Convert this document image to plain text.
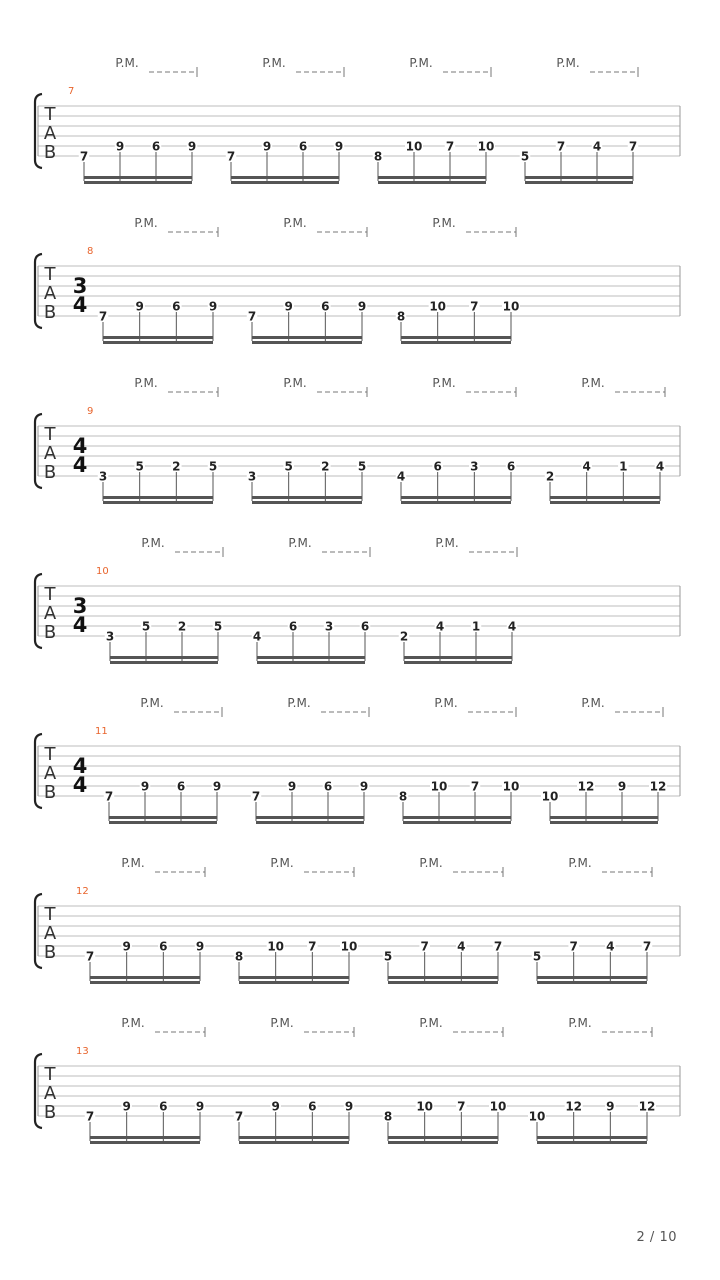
7
T
A
B
P.M.
7
9 6 9
P.M.
7
9 6 9
P.M.
8
10 7 10
P.M.
5
7 4 7
8
T
A
B
3
4
P.M.
7
9 6 9
P.M.
7
9 6 9
P.M.
8
10 7 10
9
T
A
B
4
4
P.M.
3
5 2 5
P.M.
3
5 2 5
P.M.
4
6 3 6
P.M.
2
4 1 4
10
T
A
B
3
4
P.M.
3
5 2 5
P.M.
4
6 3 6
P.M.
2
4 1 4
11
T
A
B
4
4
P.M.
7
9 6 9
P.M.
7
9 6 9
P.M.
8
10 7 10
P.M.
10
12 9 12
12
T
A
B
P.M.
7
9 6 9
P.M.
8
10 7 10
P.M.
5
7 4 7
P.M.
5
7 4 7
13
T
A
B
P.M.
7
9 6 9
P.M.
7
9 6 9
P.M.
8
10 7 10
P.M.
10
12 9 12
2 / 10
